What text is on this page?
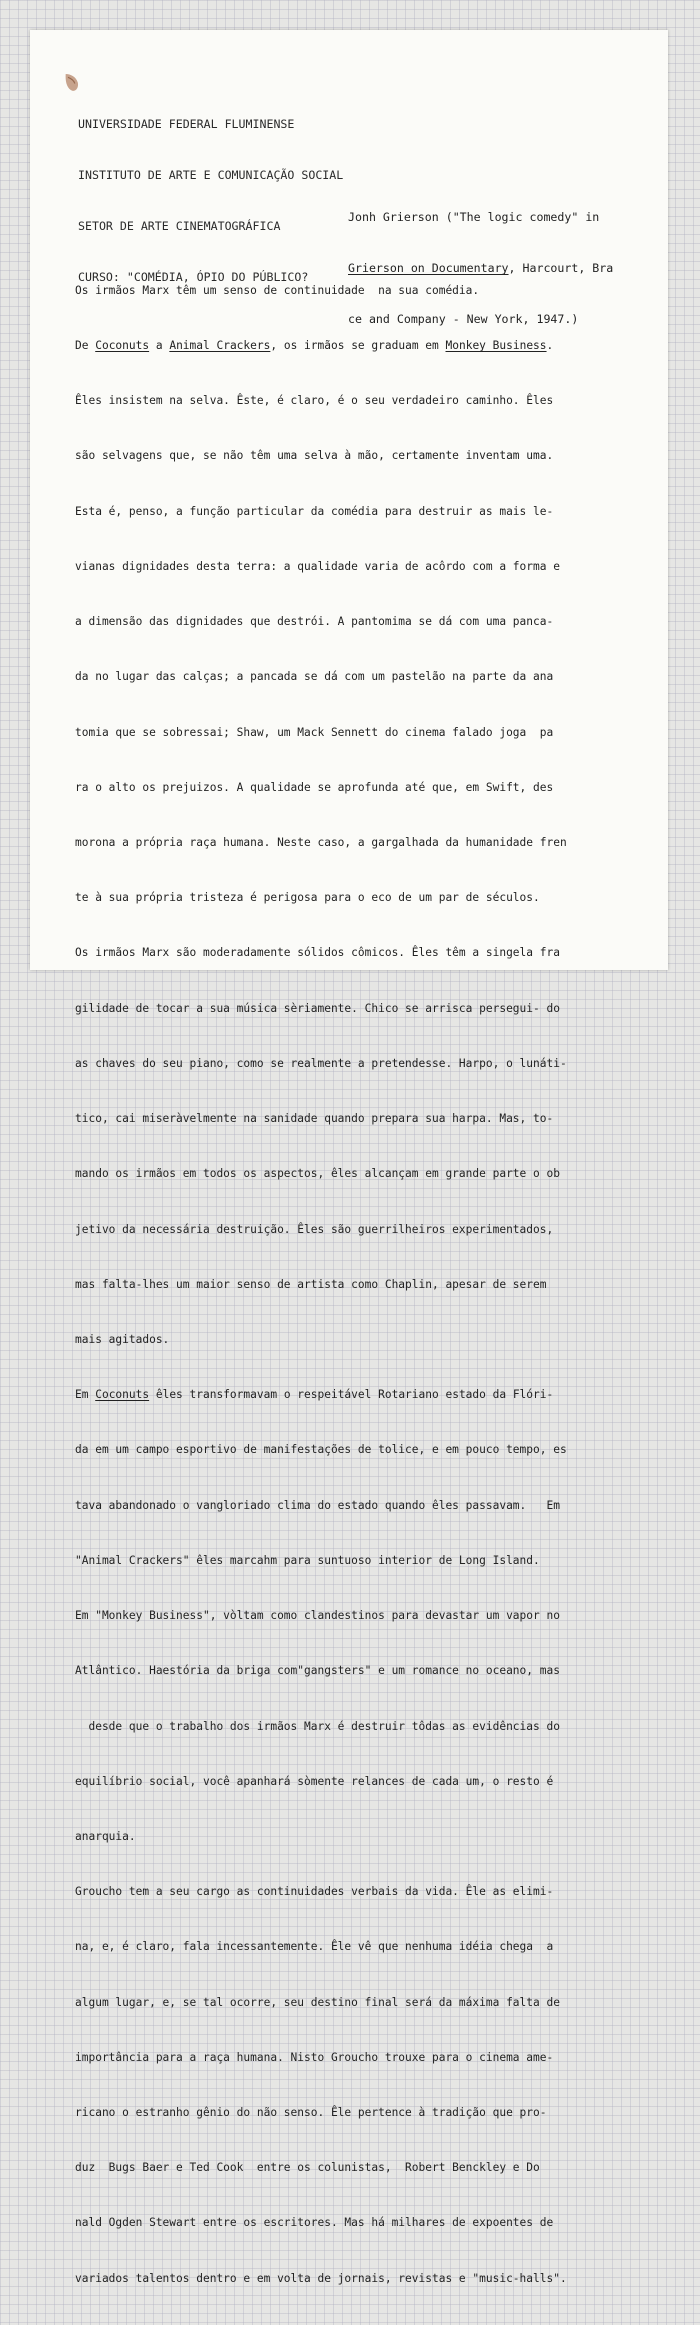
UNIVERSIDADE FEDERAL FLUMINENSE

INSTITUTO DE ARTE E COMUNICAÇÃO SOCIAL

SETOR DE ARTE CINEMATOGRÁFICA

CURSO: "COMÉDIA, ÓPIO DO PÚBLICO?

Jonh Grierson ("The logic comedy" in

Grierson on Documentary, Harcourt, Bra

ce and Company - New York, 1947.)

Os irmãos Marx têm um senso de continuidade  na sua comédia.

De Coconuts a Animal Crackers, os irmãos se graduam em Monkey Business.

Êles insistem na selva. Êste, é claro, é o seu verdadeiro caminho. Êles

são selvagens que, se não têm uma selva à mão, certamente inventam uma.

Esta é, penso, a função particular da comédia para destruir as mais le-

vianas dignidades desta terra: a qualidade varia de acôrdo com a forma e

a dimensão das dignidades que destrói. A pantomima se dá com uma panca-

da no lugar das calças; a pancada se dá com um pastelão na parte da ana

tomia que se sobressai; Shaw, um Mack Sennett do cinema falado joga  pa

ra o alto os prejuizos. A qualidade se aprofunda até que, em Swift, des

morona a própria raça humana. Neste caso, a gargalhada da humanidade fren

te à sua própria tristeza é perigosa para o eco de um par de séculos.

Os irmãos Marx são moderadamente sólidos cômicos. Êles têm a singela fra

gilidade de tocar a sua música sèriamente. Chico se arrisca persegui- do

as chaves do seu piano, como se realmente a pretendesse. Harpo, o lunáti-

tico, cai miseràvelmente na sanidade quando prepara sua harpa. Mas, to-

mando os irmãos em todos os aspectos, êles alcançam em grande parte o ob

jetivo da necessária destruição. Êles são guerrilheiros experimentados,

mas falta-lhes um maior senso de artista como Chaplin, apesar de serem

mais agitados.

Em Coconuts êles transformavam o respeitável Rotariano estado da Flóri-

da em um campo esportivo de manifestações de tolice, e em pouco tempo, es

tava abandonado o vangloriado clima do estado quando êles passavam.   Em

"Animal Crackers" êles marcahm para suntuoso interior de Long Island.

Em "Monkey Business", vòltam como clandestinos para devastar um vapor no

Atlântico. Haestória da briga com"gangsters" e um romance no oceano, mas

desde que o trabalho dos irmãos Marx é destruir tôdas as evidências do

equilíbrio social, você apanhará sòmente relances de cada um, o resto é

anarquia.

Groucho tem a seu cargo as continuidades verbais da vida. Êle as elimi-

na, e, é claro, fala incessantemente. Êle vê que nenhuma idéia chega  a

algum lugar, e, se tal ocorre, seu destino final será da máxima falta de

importância para a raça humana. Nisto Groucho trouxe para o cinema ame-

ricano o estranho gênio do não senso. Êle pertence à tradição que pro-

duz  Bugs Baer e Ted Cook  entre os colunistas,  Robert Benckley e Do

nald Ogden Stewart entre os escritores. Mas há milhares de expoentes de

variados talentos dentro e em volta de jornais, revistas e "music-halls".
